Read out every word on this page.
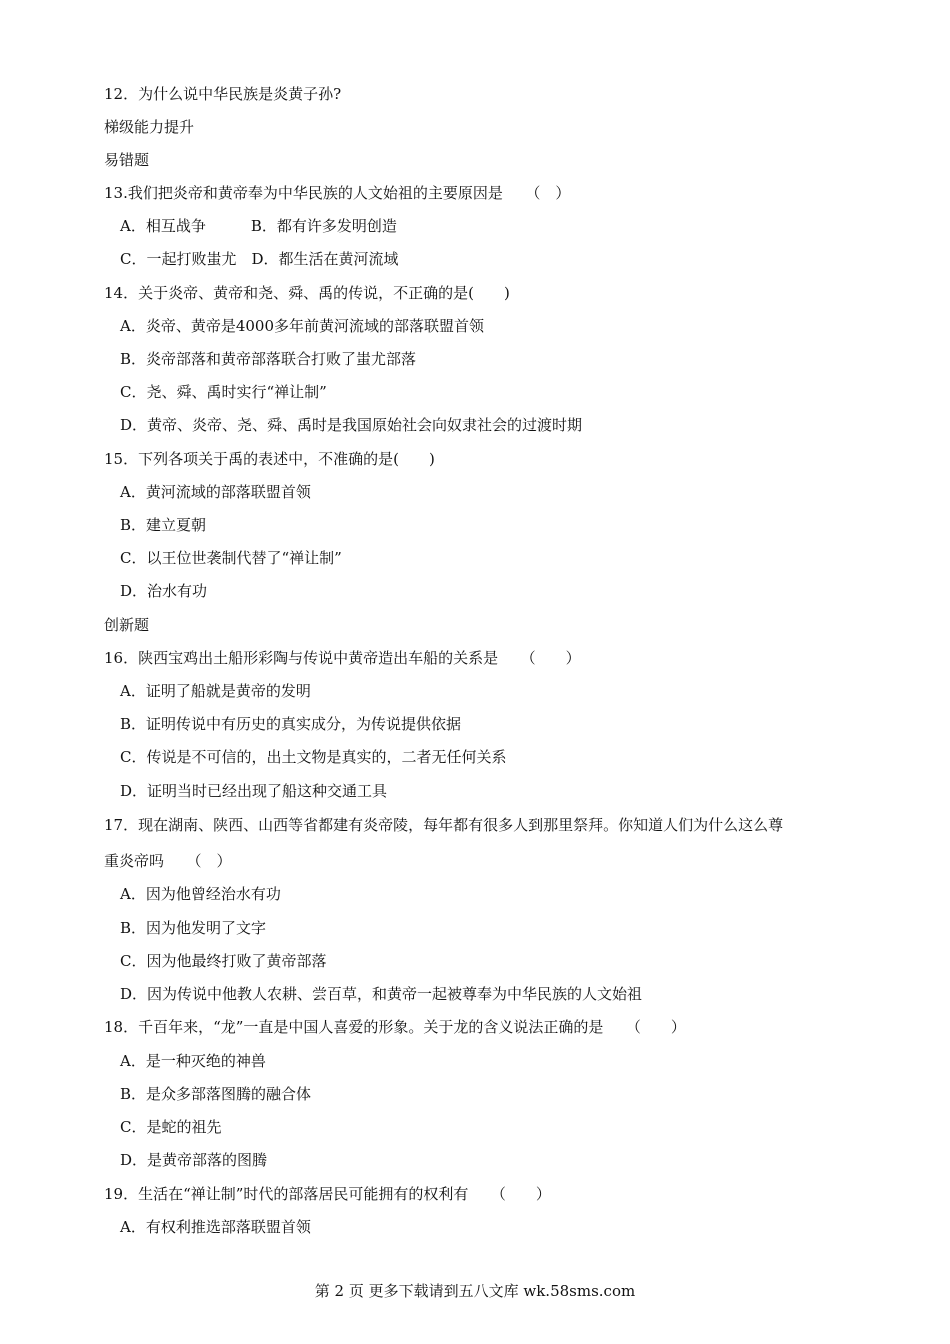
12．为什么说中华民族是炎黄子孙?
梯级能力提升
易错题
13.我们把炎帝和黄帝奉为中华民族的人文始祖的主要原因是　　（　）
A．相互战争　　　B．都有许多发明创造
C．一起打败蚩尤　D．都生活在黄河流域
14．关于炎帝、黄帝和尧、舜、禹的传说，不正确的是(　　)
A．炎帝、黄帝是4000多年前黄河流域的部落联盟首领
B．炎帝部落和黄帝部落联合打败了蚩尤部落
C．尧、舜、禹时实行“禅让制”
D．黄帝、炎帝、尧、舜、禹时是我国原始社会向奴隶社会的过渡时期
15．下列各项关于禹的表述中，不准确的是(　　)
A．黄河流域的部落联盟首领
B．建立夏朝
C．以王位世袭制代替了“禅让制”
D．治水有功
创新题
16．陕西宝鸡出土船形彩陶与传说中黄帝造出车船的关系是　　（　　）
A．证明了船就是黄帝的发明
B．证明传说中有历史的真实成分，为传说提供依据
C．传说是不可信的，出土文物是真实的，二者无任何关系
D．证明当时已经出现了船这种交通工具
17．现在湖南、陕西、山西等省都建有炎帝陵，每年都有很多人到那里祭拜。你知道人们为什么这么尊
重炎帝吗　　（　）
A．因为他曾经治水有功
B．因为他发明了文字
C．因为他最终打败了黄帝部落
D．因为传说中他教人农耕、尝百草，和黄帝一起被尊奉为中华民族的人文始祖
18．千百年来，“龙”一直是中国人喜爱的形象。关于龙的含义说法正确的是　　（　　）
A．是一种灭绝的神兽
B．是众多部落图腾的融合体
C．是蛇的祖先
D．是黄帝部落的图腾
19．生活在“禅让制”时代的部落居民可能拥有的权利有　　（　　）
A．有权利推选部落联盟首领
第 2 页 更多下载请到五八文库 wk.58sms.com
